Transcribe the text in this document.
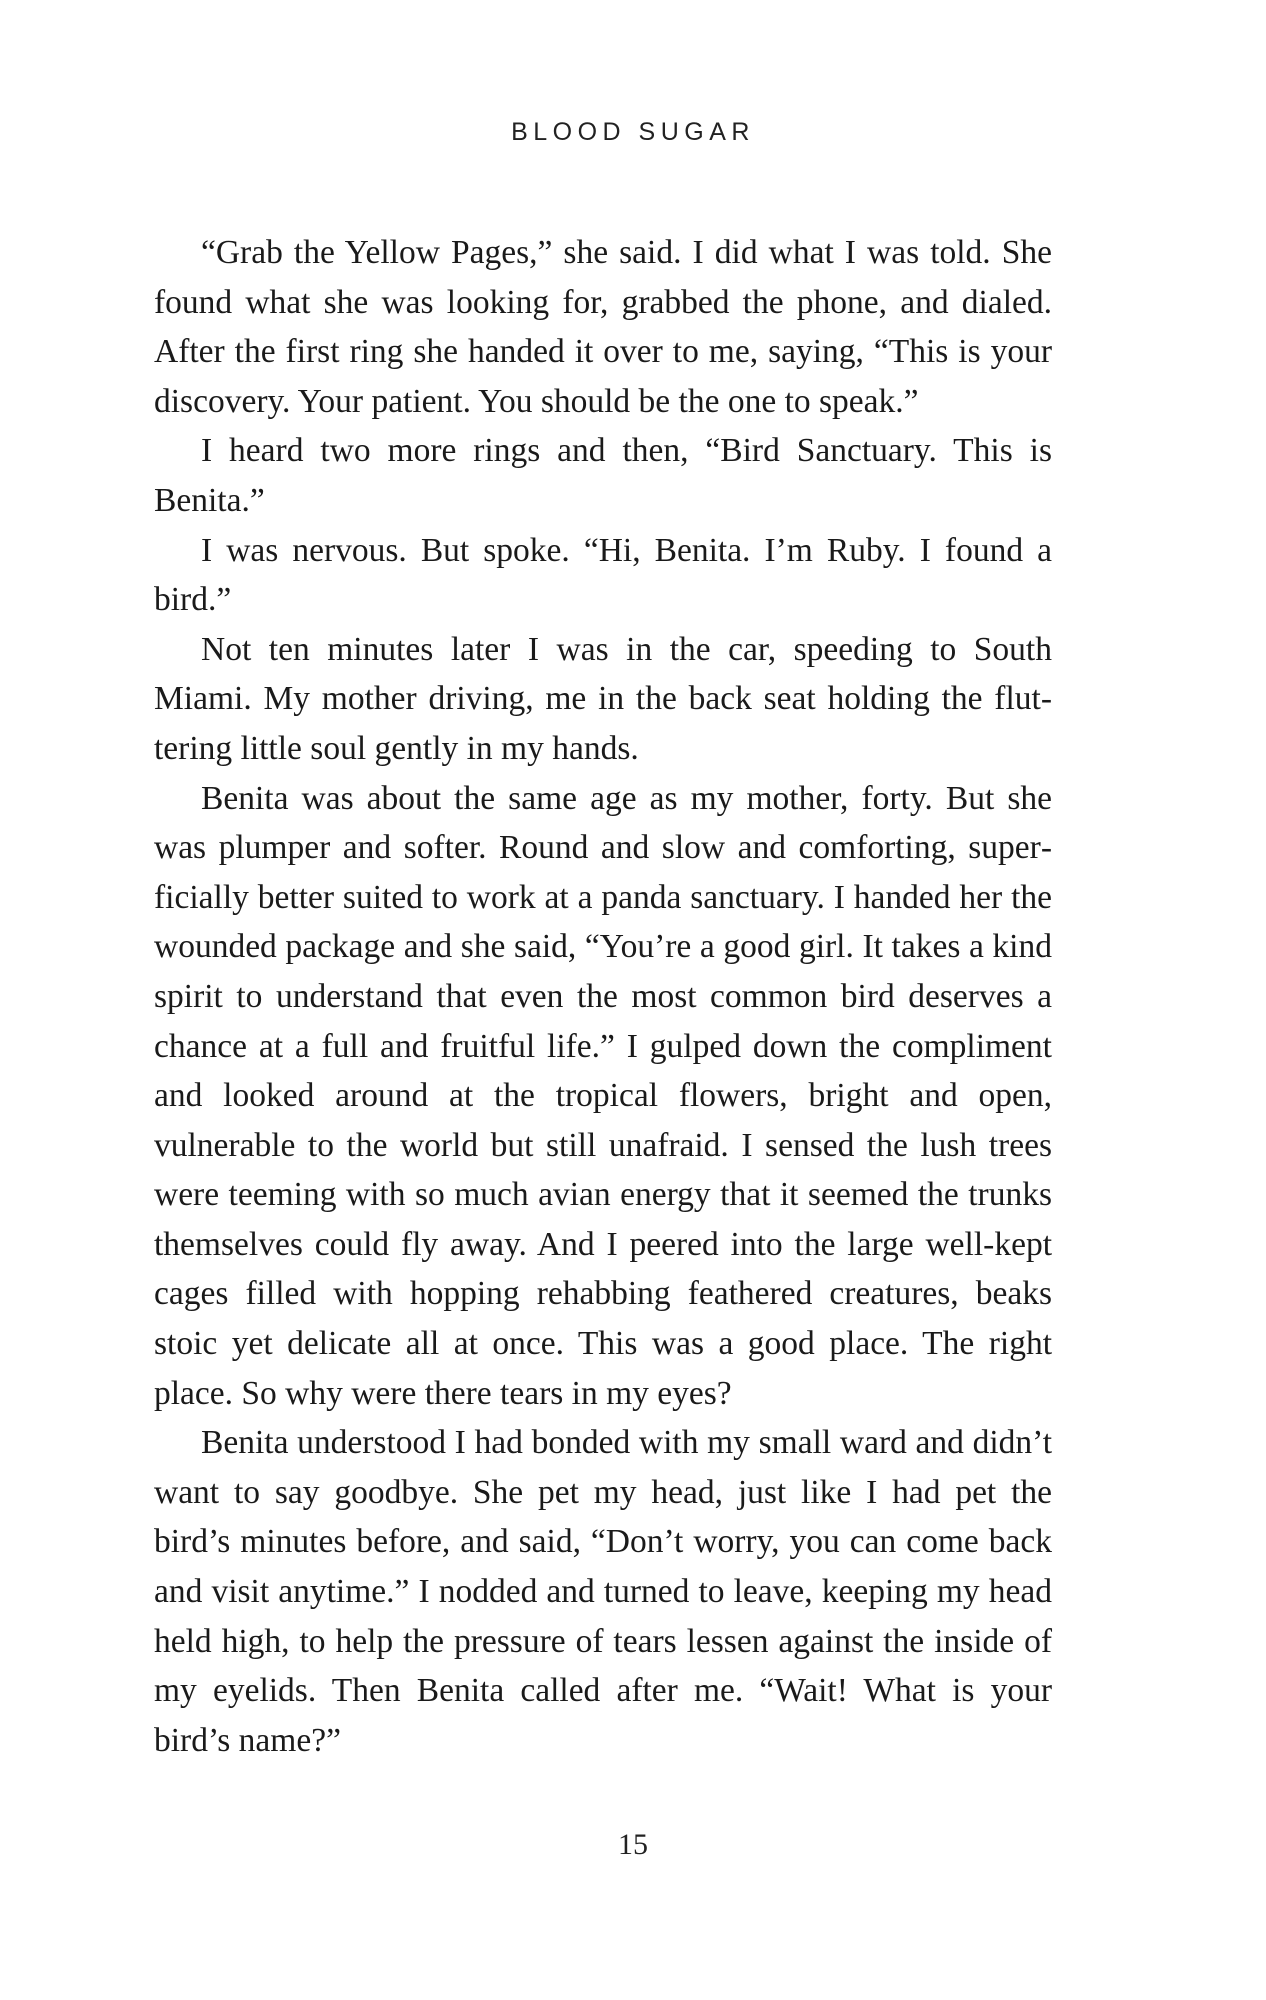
BLOOD SUGAR

“Grab the Yellow Pages,” she said. I did what I was told. She found what she was looking for, grabbed the phone, and dialed. After the first ring she handed it over to me, saying, “This is your discovery. Your patient. You should be the one to speak.”

I heard two more rings and then, “Bird Sanctuary. This is Benita.”

I was nervous. But spoke. “Hi, Benita. I’m Ruby. I found a bird.”

Not ten minutes later I was in the car, speeding to South Miami. My mother driving, me in the back seat holding the fluttering little soul gently in my hands.

Benita was about the same age as my mother, forty. But she was plumper and softer. Round and slow and comforting, superficially better suited to work at a panda sanctuary. I handed her the wounded package and she said, “You’re a good girl. It takes a kind spirit to understand that even the most common bird deserves a chance at a full and fruitful life.” I gulped down the compliment and looked around at the tropical flowers, bright and open, vulnerable to the world but still unafraid. I sensed the lush trees were teeming with so much avian energy that it seemed the trunks themselves could fly away. And I peered into the large well-kept cages filled with hopping rehabbing feathered creatures, beaks stoic yet delicate all at once. This was a good place. The right place. So why were there tears in my eyes?

Benita understood I had bonded with my small ward and didn’t want to say goodbye. She pet my head, just like I had pet the bird’s minutes before, and said, “Don’t worry, you can come back and visit anytime.” I nodded and turned to leave, keeping my head held high, to help the pressure of tears lessen against the inside of my eyelids. Then Benita called after me. “Wait! What is your bird’s name?”

15
